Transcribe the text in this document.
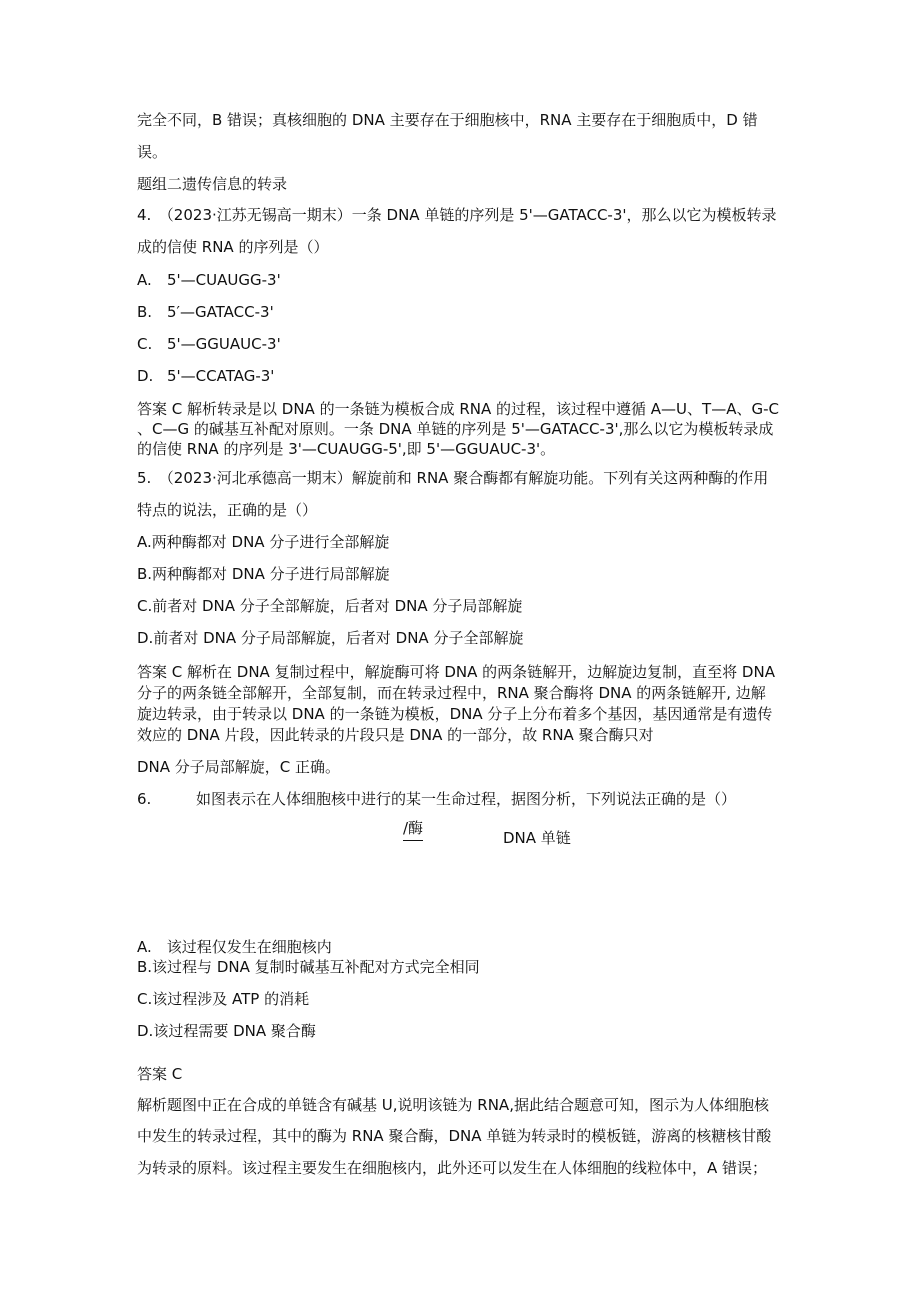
完全不同，B 错误；真核细胞的 DNA 主要存在于细胞核中，RNA 主要存在于细胞质中，D 错
误。
题组二遗传信息的转录
4.　（2023·江苏无锡高一期末）一条 DNA 单链的序列是 5'—GATACC-3'，那么以它为模板转录
成的信使 RNA 的序列是（）
A. 5'—CUAUGG-3'
B. 5′—GATACC-3'
C. 5'—GGUAUC-3'
D. 5'—CCATAG-3'
答案 C 解析转录是以 DNA 的一条链为模板合成 RNA 的过程，该过程中遵循 A—U、T—A、G-C
、C—G 的碱基互补配对原则。一条 DNA 单链的序列是 5'—GATACC-3',那么以它为模板转录成
的信使 RNA 的序列是 3'—CUAUGG-5',即 5'—GGUAUC-3'。
5.　（2023·河北承德高一期末）解旋前和 RNA 聚合酶都有解旋功能。下列有关这两种酶的作用
特点的说法，正确的是（）
A.两种酶都对 DNA 分子进行全部解旋
B.两种酶都对 DNA 分子进行局部解旋
C.前者对 DNA 分子全部解旋，后者对 DNA 分子局部解旋
D.前者对 DNA 分子局部解旋，后者对 DNA 分子全部解旋
答案 C 解析在 DNA 复制过程中，解旋酶可将 DNA 的两条链解开，边解旋边复制，直至将 DNA
分子的两条链全部解开，全部复制，而在转录过程中，RNA 聚合酶将 DNA 的两条链解开, 边解
旋边转录，由于转录以 DNA 的一条链为模板，DNA 分子上分布着多个基因，基因通常是有遗传
效应的 DNA 片段，因此转录的片段只是 DNA 的一部分，故 RNA 聚合酶只对
DNA 分子局部解旋，C 正确。
6.	如图表示在人体细胞核中进行的某一生命过程，据图分析，下列说法正确的是（）
/酶
DNA 单链
A.　该过程仅发生在细胞核内
B.该过程与 DNA 复制时碱基互补配对方式完全相同
C.该过程涉及 ATP 的消耗
D.该过程需要 DNA 聚合酶
答案 C
解析题图中正在合成的单链含有碱基 U,说明该链为 RNA,据此结合题意可知，图示为人体细胞核
中发生的转录过程，其中的酶为 RNA 聚合酶，DNA 单链为转录时的模板链，游离的核糖核甘酸
为转录的原料。该过程主要发生在细胞核内，此外还可以发生在人体细胞的线粒体中，A 错误；
